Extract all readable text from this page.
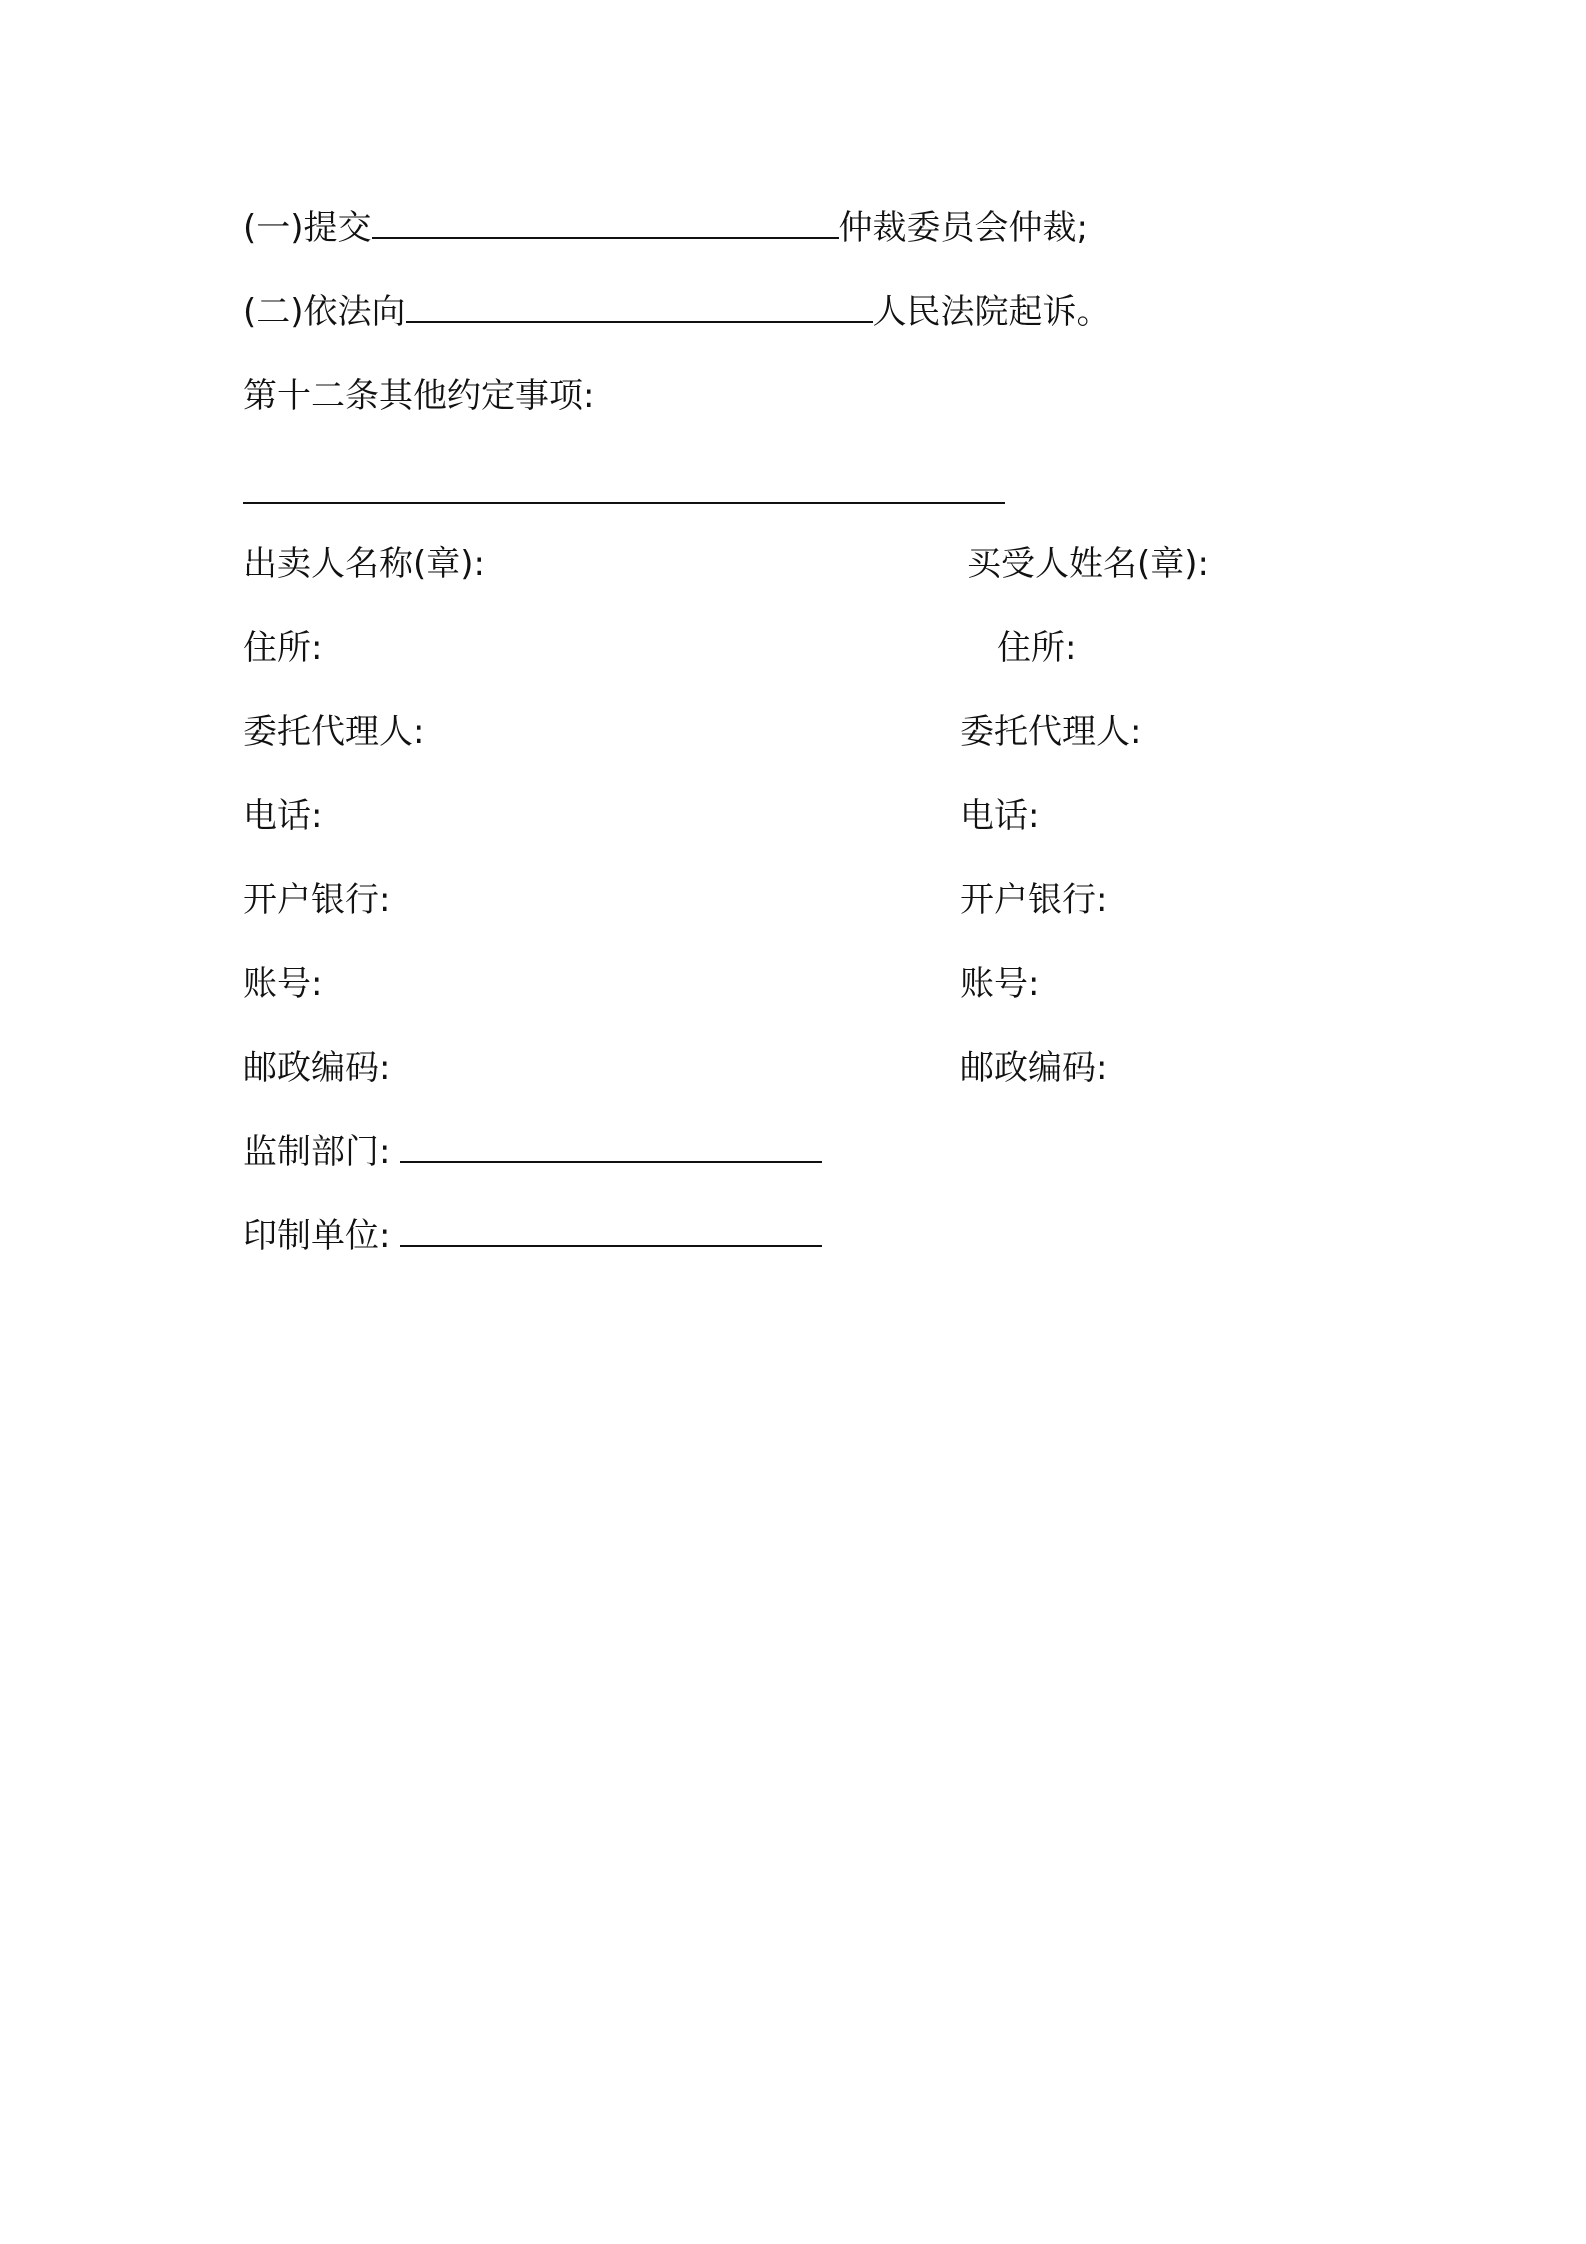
(一)提交	仲裁委员会仲裁;
(二)依法向	人民法院起诉。
第十二条其他约定事项:
出卖人名称(章):
住所:
委托代理人:
电话:
开户银行:
账号:
邮政编码:
买受人姓名(章):
住所:
委托代理人:
电话:
开户银行:
账号:
邮政编码:
监制部门:
印制单位:
